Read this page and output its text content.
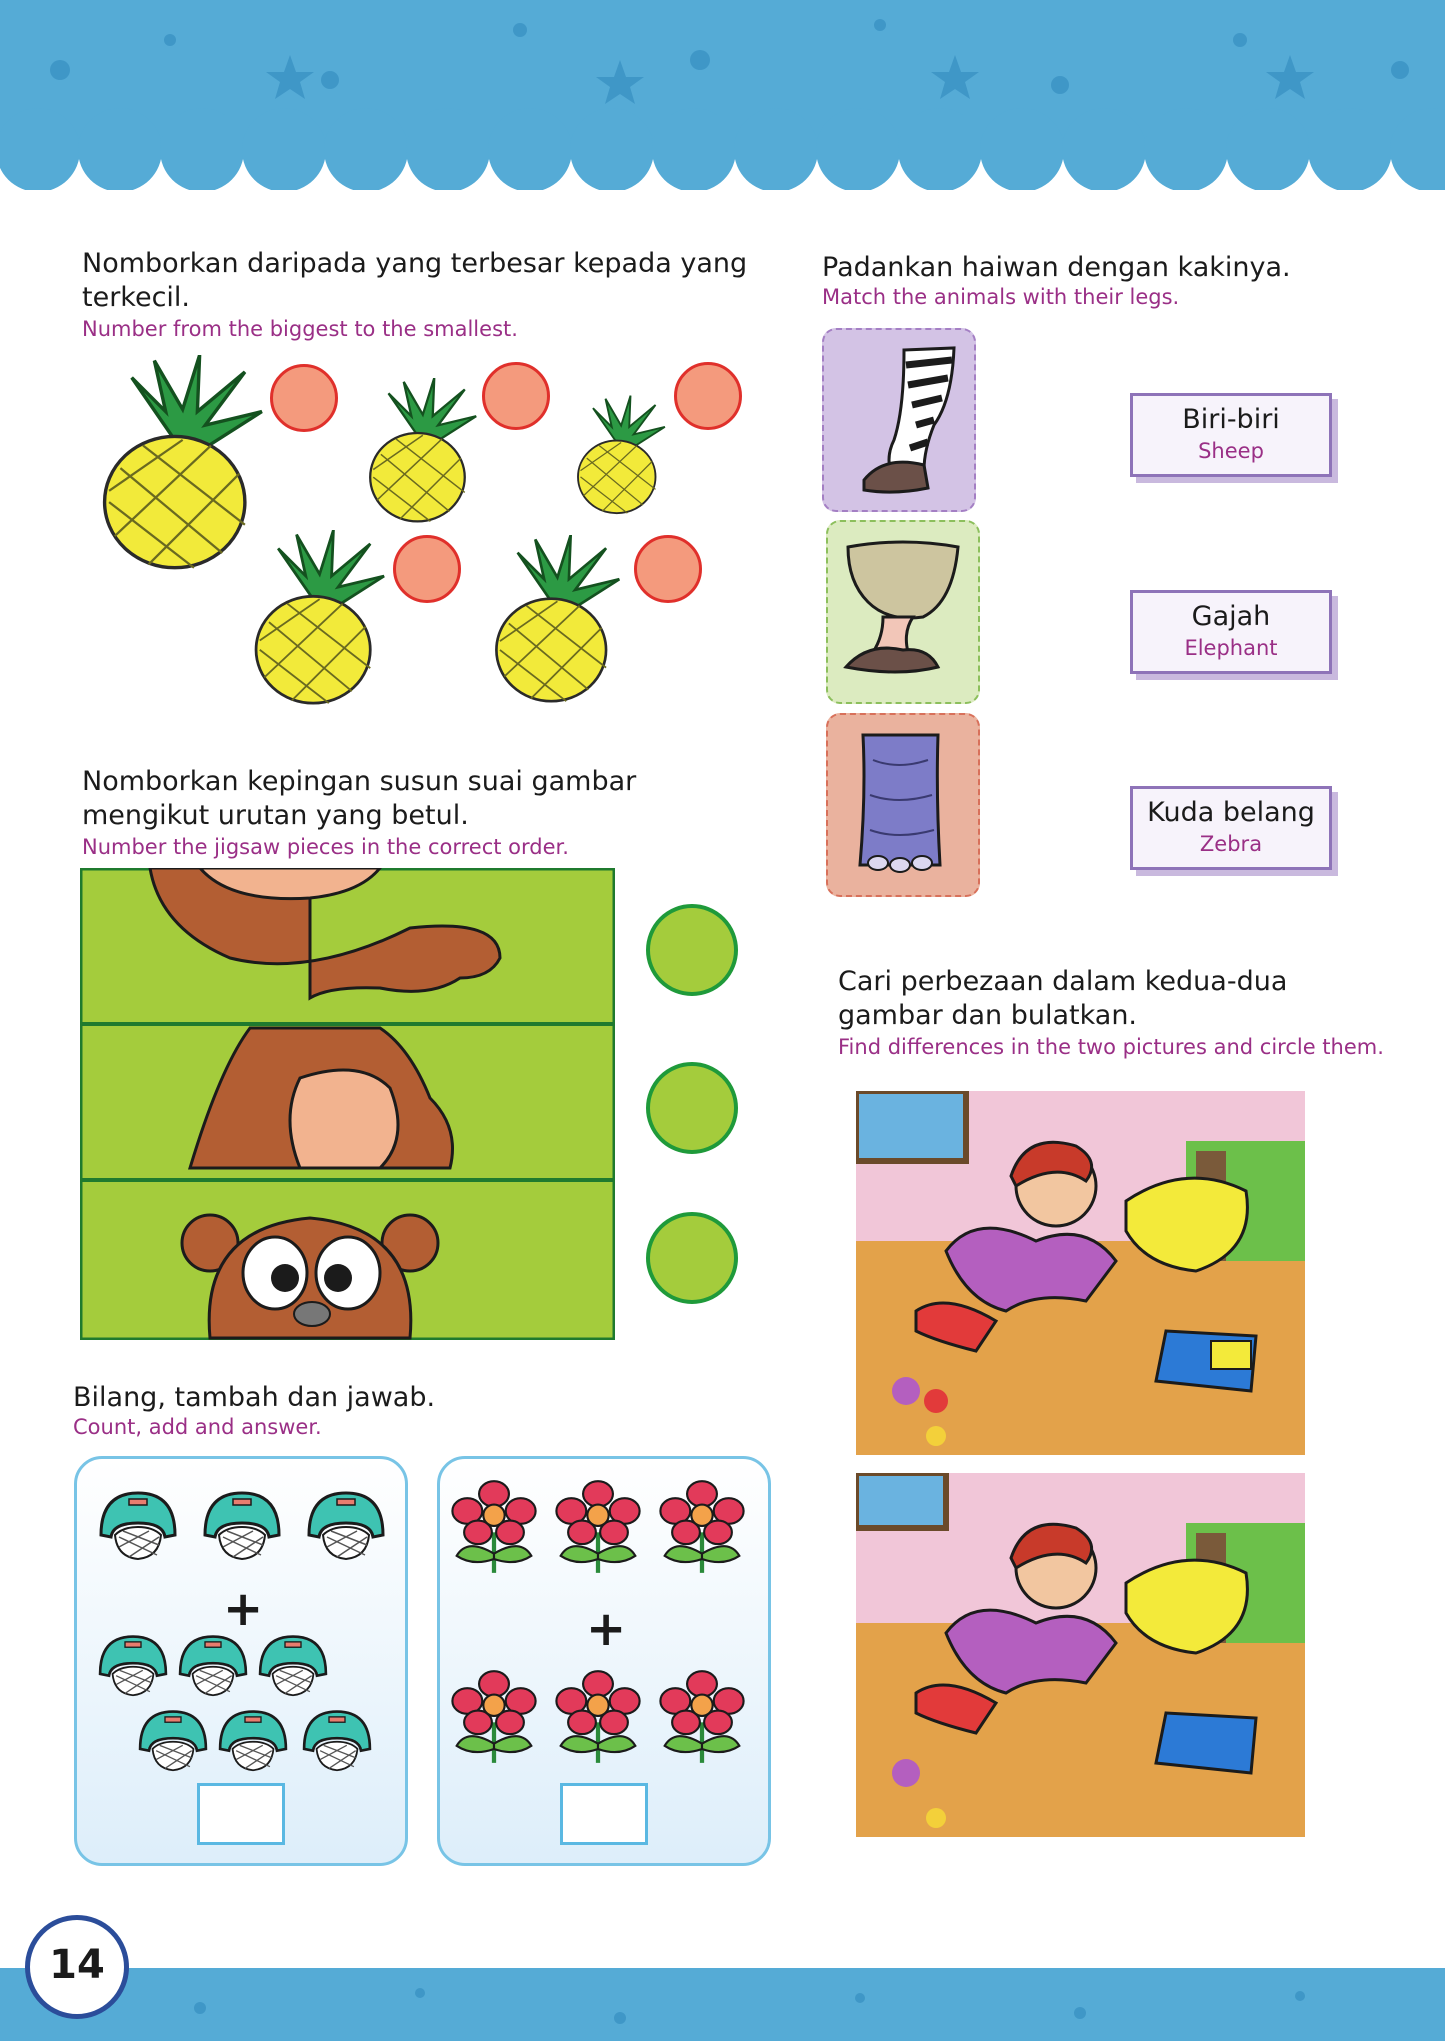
Nomborkan daripada yang terbesar kepada yang terkecil.
Number from the biggest to the smallest.
Nomborkan kepingan susun suai gambar mengikut urutan yang betul.
Number the jigsaw pieces in the correct order.
Bilang, tambah dan jawab.
Count, add and answer.
+	+
Padankan haiwan dengan kakinya.
Match the animals with their legs.
Biri-biri
Sheep
Gajah
Elephant
Kuda belang
Zebra
Cari perbezaan dalam kedua-dua gambar dan bulatkan.
Find differences in the two pictures and circle them.
14
